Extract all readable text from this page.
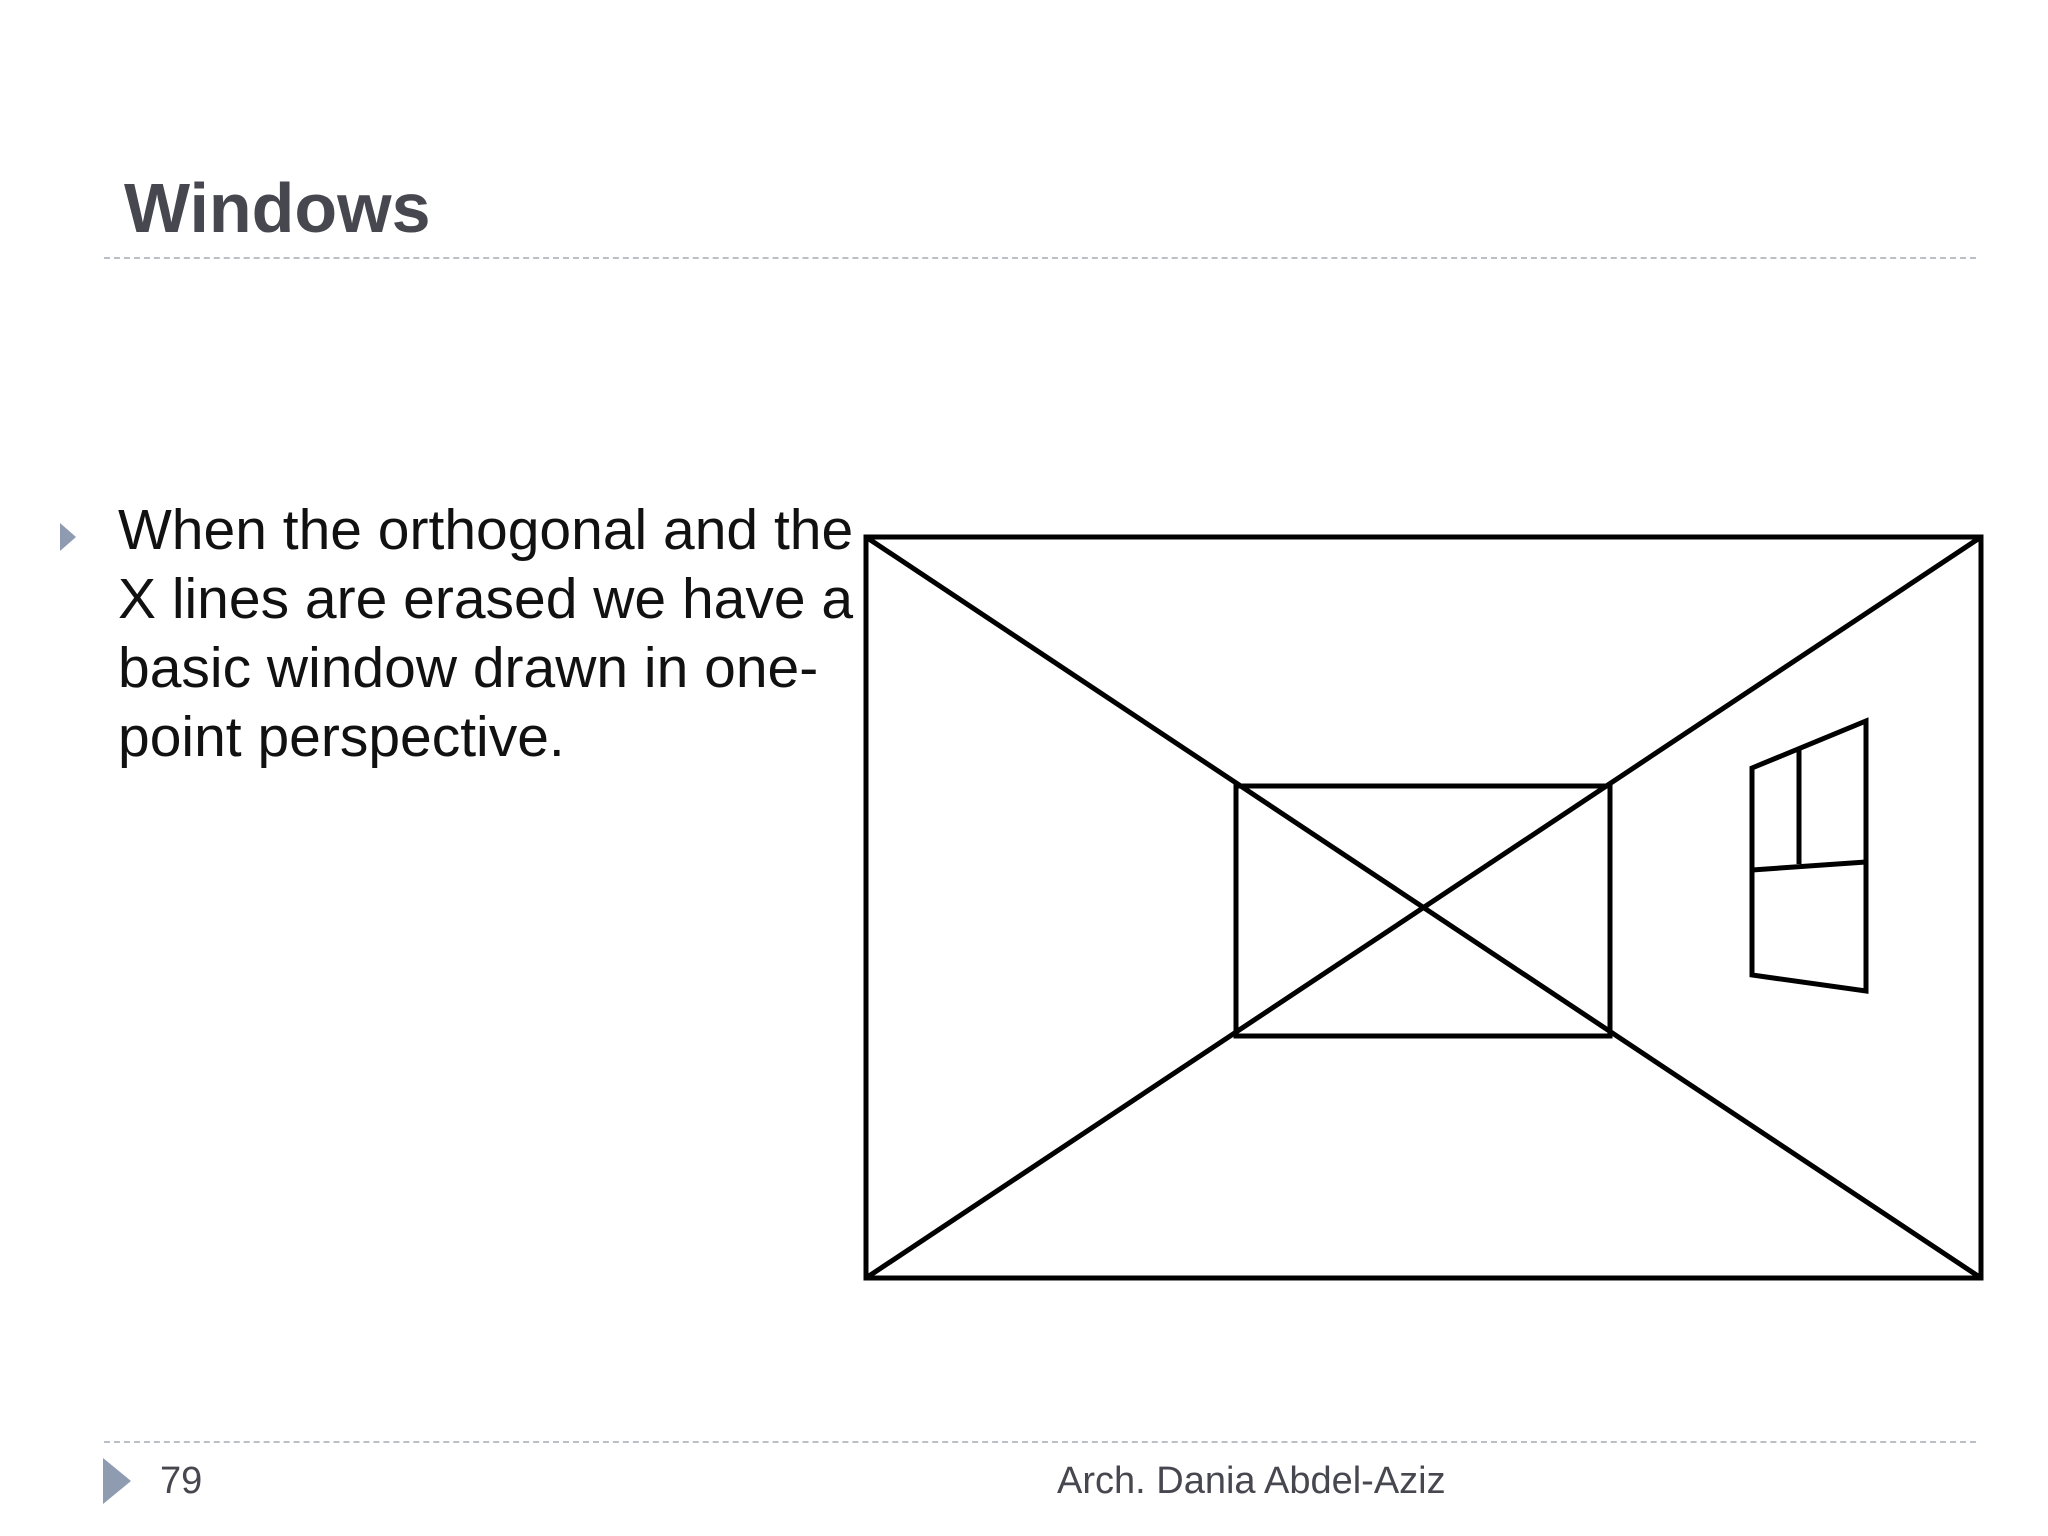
Windows

When the orthogonal and the X lines are erased we have a basic window drawn in one-point perspective.

79	Arch. Dania Abdel-Aziz
